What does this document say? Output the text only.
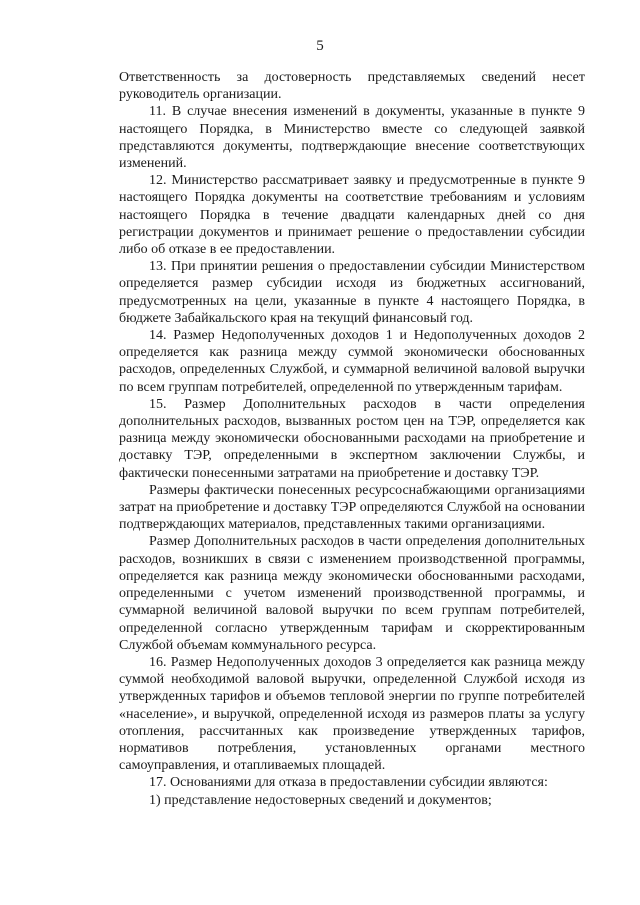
5

Ответственность за достоверность представляемых сведений несет руководитель организации.

11. В случае внесения изменений в документы, указанные в пункте 9 настоящего Порядка, в Министерство вместе со следующей заявкой представляются документы, подтверждающие внесение соответствующих изменений.

12. Министерство рассматривает заявку и предусмотренные в пункте 9 настоящего Порядка документы на соответствие требованиям и условиям настоящего Порядка в течение двадцати календарных дней со дня регистрации документов и принимает решение о предоставлении субсидии либо об отказе в ее предоставлении.

13. При принятии решения о предоставлении субсидии Министерством определяется размер субсидии исходя из бюджетных ассигнований, предусмотренных на цели, указанные в пункте 4 настоящего Порядка, в бюджете Забайкальского края на текущий финансовый год.

14. Размер Недополученных доходов 1 и Недополученных доходов 2 определяется как разница между суммой экономически обоснованных расходов, определенных Службой, и суммарной величиной валовой выручки по всем группам потребителей, определенной по утвержденным тарифам.

15. Размер Дополнительных расходов в части определения дополнительных расходов, вызванных ростом цен на ТЭР, определяется как разница между экономически обоснованными расходами на приобретение и доставку ТЭР, определенными в экспертном заключении Службы, и фактически понесенными затратами на приобретение и доставку ТЭР.

Размеры фактически понесенных ресурсоснабжающими организациями затрат на приобретение и доставку ТЭР определяются Службой на основании подтверждающих материалов, представленных такими организациями.

Размер Дополнительных расходов в части определения дополнительных расходов, возникших в связи с изменением производственной программы, определяется как разница между экономически обоснованными расходами, определенными с учетом изменений производственной программы, и суммарной величиной валовой выручки по всем группам потребителей, определенной согласно утвержденным тарифам и скорректированным Службой объемам коммунального ресурса.

16. Размер Недополученных доходов 3 определяется как разница между суммой необходимой валовой выручки, определенной Службой исходя из утвержденных тарифов и объемов тепловой энергии по группе потребителей «население», и выручкой, определенной исходя из размеров платы за услугу отопления, рассчитанных как произведение утвержденных тарифов, нормативов потребления, установленных органами местного самоуправления, и отапливаемых площадей.

17. Основаниями для отказа в предоставлении субсидии являются:

1) представление недостоверных сведений и документов;
